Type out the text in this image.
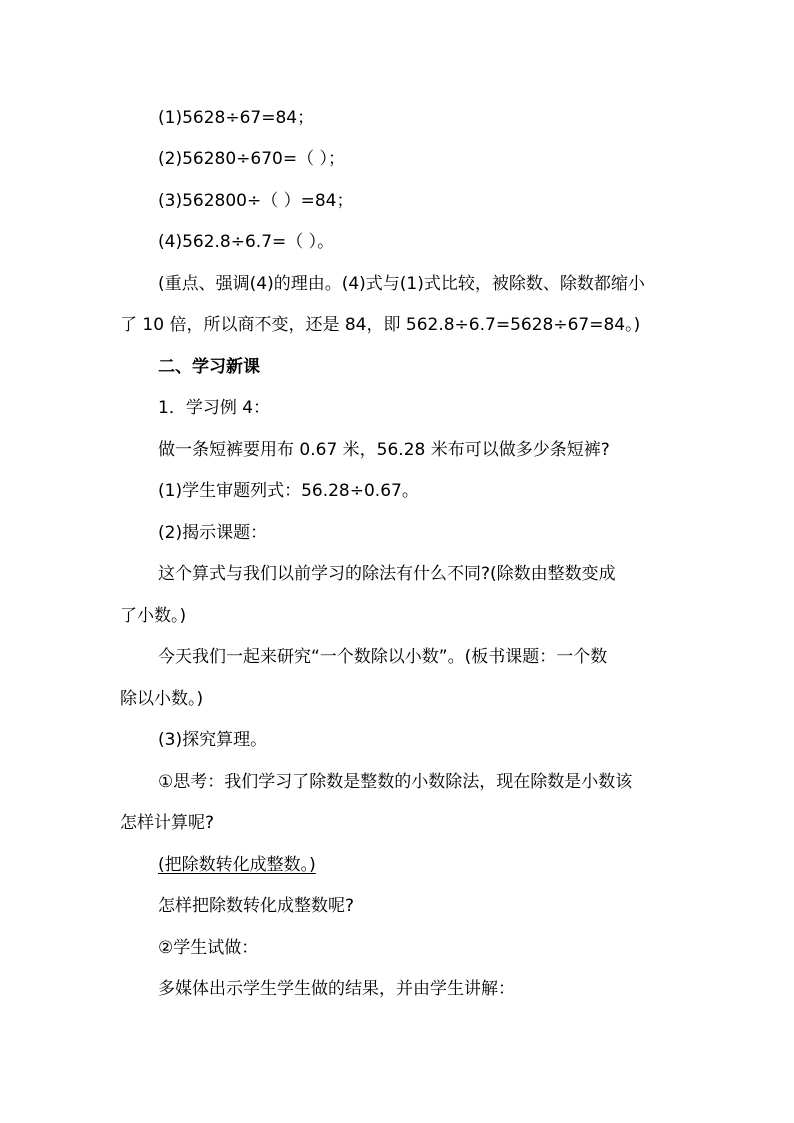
(1)5628÷67=84；
(2)56280÷670=（ ）；
(3)562800÷（ ）=84；
(4)562.8÷6.7=（ ）。
(重点、强调(4)的理由。(4)式与(1)式比较，被除数、除数都缩小
了 10 倍，所以商不变，还是 84，即 562.8÷6.7=5628÷67=84。)
二、学习新课
1．学习例 4：
做一条短裤要用布 0.67 米，56.28 米布可以做多少条短裤?
(1)学生审题列式：56.28÷0.67。
(2)揭示课题：
这个算式与我们以前学习的除法有什么不同?(除数由整数变成
了小数。)
今天我们一起来研究“一个数除以小数”。(板书课题：一个数
除以小数。)
(3)探究算理。
①思考：我们学习了除数是整数的小数除法，现在除数是小数该
怎样计算呢?
(把除数转化成整数。)
怎样把除数转化成整数呢?
②学生试做：
多媒体出示学生学生做的结果，并由学生讲解：
